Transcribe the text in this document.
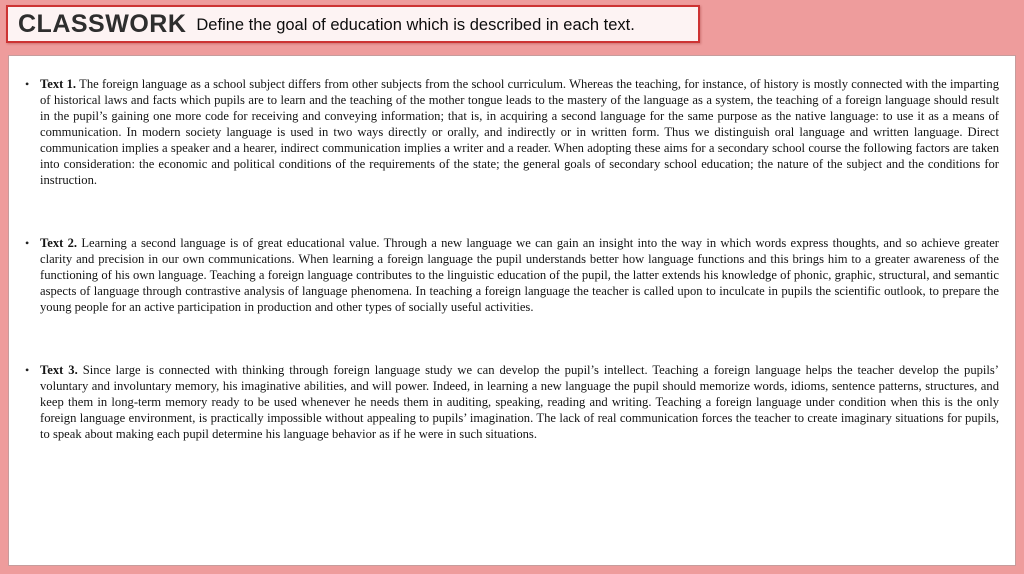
CLASSWORK Define the goal of education which is described in each text.
• Text 1. The foreign language as a school subject differs from other subjects from the school curriculum. Whereas the teaching, for instance, of history is mostly connected with the imparting of historical laws and facts which pupils are to learn and the teaching of the mother tongue leads to the mastery of the language as a system, the teaching of a foreign language should result in the pupil’s gaining one more code for receiving and conveying information; that is, in acquiring a second language for the same purpose as the native language: to use it as a means of communication. In modern society language is used in two ways directly or orally, and indirectly or in written form. Thus we distinguish oral language and written language. Direct communication implies a speaker and a hearer, indirect communication implies a writer and a reader. When adopting these aims for a secondary school course the following factors are taken into consideration: the economic and political conditions of the requirements of the state; the general goals of secondary school education; the nature of the subject and the conditions for instruction.

• Text 2. Learning a second language is of great educational value. Through a new language we can gain an insight into the way in which words express thoughts, and so achieve greater clarity and precision in our own communications. When learning a foreign language the pupil understands better how language functions and this brings him to a greater awareness of the functioning of his own language. Teaching a foreign language contributes to the linguistic education of the pupil, the latter extends his knowledge of phonic, graphic, structural, and semantic aspects of language through contrastive analysis of language phenomena. In teaching a foreign language the teacher is called upon to inculcate in pupils the scientific outlook, to prepare the young people for an active participation in production and other types of socially useful activities.

• Text 3. Since large is connected with thinking through foreign language study we can develop the pupil’s intellect. Teaching a foreign language helps the teacher develop the pupils’ voluntary and involuntary memory, his imaginative abilities, and will power. Indeed, in learning a new language the pupil should memorize words, idioms, sentence patterns, structures, and keep them in long-term memory ready to be used whenever he needs them in auditing, speaking, reading and writing. Teaching a foreign language under condition when this is the only foreign language environment, is practically impossible without appealing to pupils’ imagination. The lack of real communication forces the teacher to create imaginary situations for pupils, to speak about making each pupil determine his language behavior as if he were in such situations.
